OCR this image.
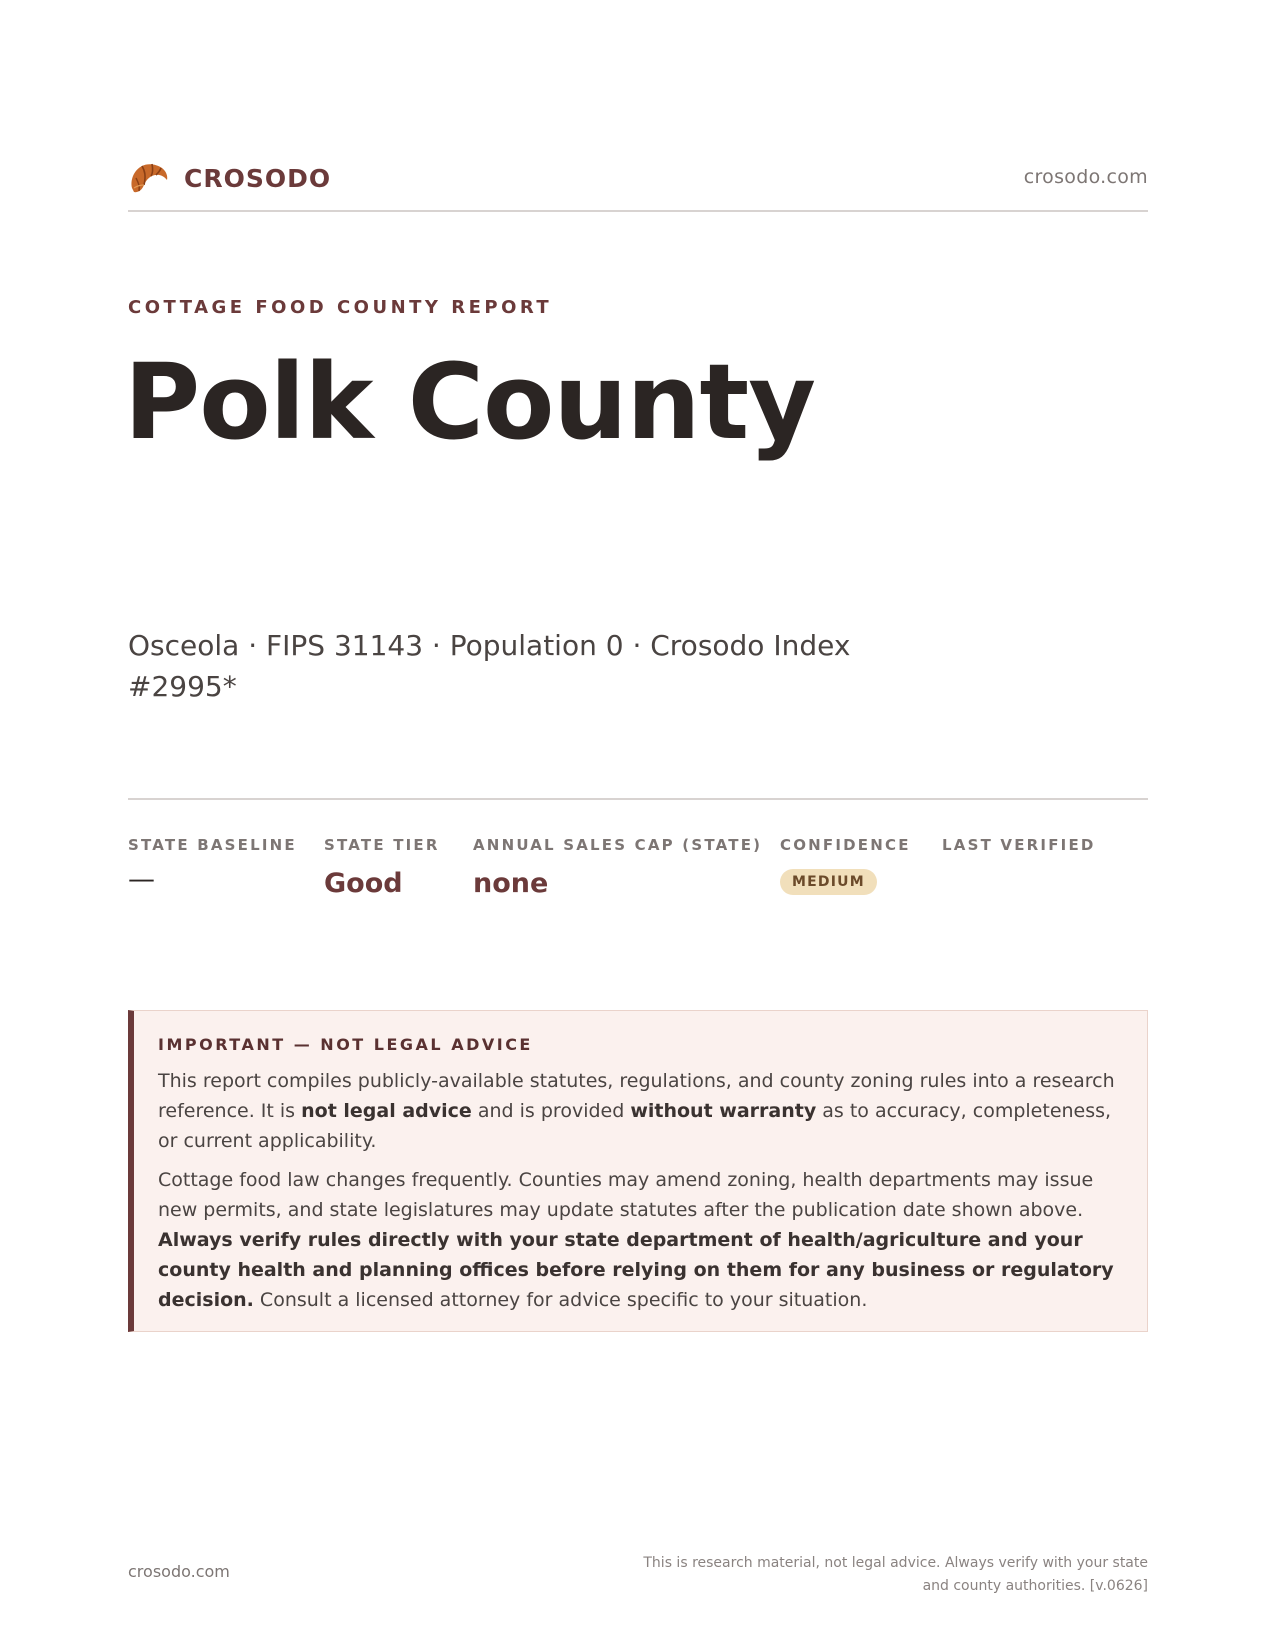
CROSODO	crosodo.com
COTTAGE FOOD COUNTY REPORT
Polk County
Osceola · FIPS 31143 · Population 0 · Crosodo Index #2995*
STATE BASELINE
—
STATE TIER
Good
ANNUAL SALES CAP (STATE)
none
CONFIDENCE
MEDIUM
LAST VERIFIED
IMPORTANT — NOT LEGAL ADVICE

This report compiles publicly-available statutes, regulations, and county zoning rules into a research reference. It is not legal advice and is provided without warranty as to accuracy, completeness, or current applicability.

Cottage food law changes frequently. Counties may amend zoning, health departments may issue new permits, and state legislatures may update statutes after the publication date shown above. Always verify rules directly with your state department of health/agriculture and your county health and planning offices before relying on them for any business or regulatory decision. Consult a licensed attorney for advice specific to your situation.

crosodo.com	This is research material, not legal advice. Always verify with your state
and county authorities. [v.0626]
